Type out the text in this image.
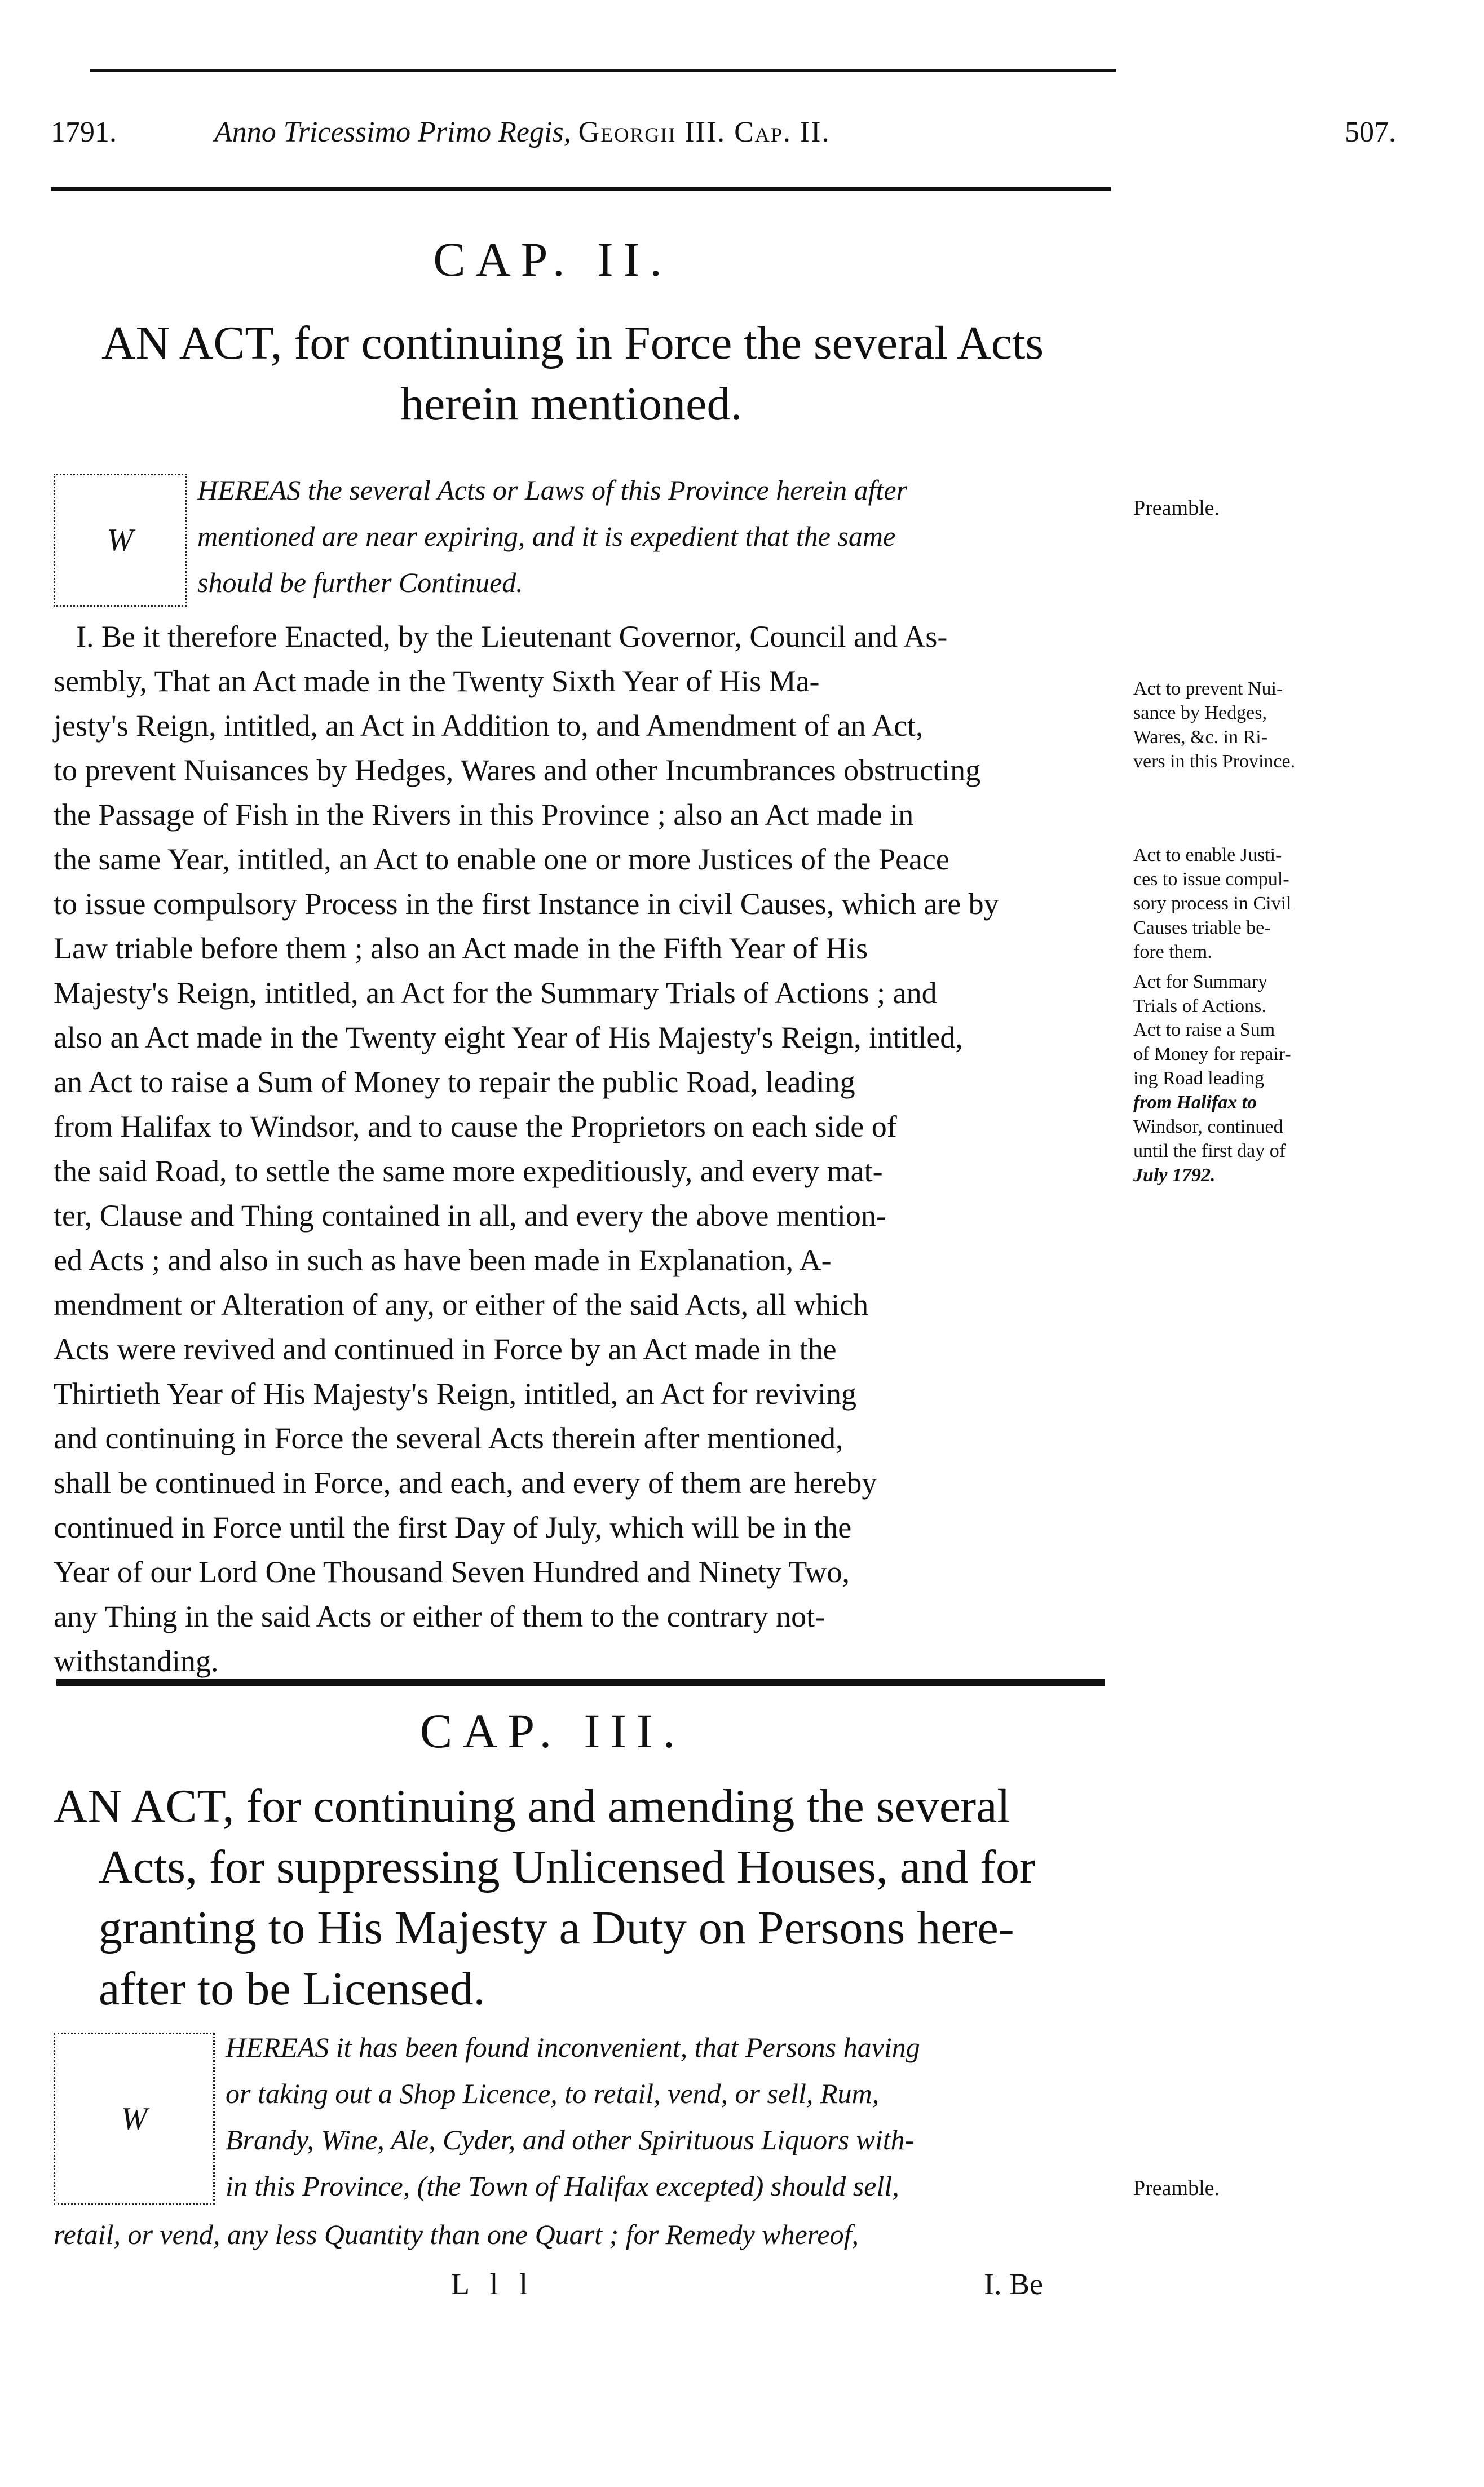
1791.	Anno Tricessimo Primo Regis, Georgii III. Cap. II.	507.
CAP. II.
AN ACT, for continuing in Force the several Acts
herein mentioned.
W
HEREAS the several Acts or Laws of this Province herein after
mentioned are near expiring, and it is expedient that the same
should be further Continued.
I. Be it therefore Enacted, by the Lieutenant Governor, Council and As-
sembly, That an Act made in the Twenty Sixth Year of His Ma-
jesty's Reign, intitled, an Act in Addition to, and Amendment of an Act,
to prevent Nuisances by Hedges, Wares and other Incumbrances obstructing
the Passage of Fish in the Rivers in this Province ; also an Act made in
the same Year, intitled, an Act to enable one or more Justices of the Peace
to issue compulsory Process in the first Instance in civil Causes, which are by
Law triable before them ; also an Act made in the Fifth Year of His
Majesty's Reign, intitled, an Act for the Summary Trials of Actions ; and
also an Act made in the Twenty eight Year of His Majesty's Reign, intitled,
an Act to raise a Sum of Money to repair the public Road, leading
from Halifax to Windsor, and to cause the Proprietors on each side of
the said Road, to settle the same more expeditiously, and every mat-
ter, Clause and Thing contained in all, and every the above mention-
ed Acts ; and also in such as have been made in Explanation, A-
mendment or Alteration of any, or either of the said Acts, all which
Acts were revived and continued in Force by an Act made in the
Thirtieth Year of His Majesty's Reign, intitled, an Act for reviving
and continuing in Force the several Acts therein after mentioned,
shall be continued in Force, and each, and every of them are hereby
continued in Force until the first Day of July, which will be in the
Year of our Lord One Thousand Seven Hundred and Ninety Two,
any Thing in the said Acts or either of them to the contrary not-
withstanding.
CAP. III.
AN ACT, for continuing and amending the several
Acts, for suppressing Unlicensed Houses, and for
granting to His Majesty a Duty on Persons here-
after to be Licensed.
W
HEREAS it has been found inconvenient, that Persons having
or taking out a Shop Licence, to retail, vend, or sell, Rum,
Brandy, Wine, Ale, Cyder, and other Spirituous Liquors with-
in this Province, (the Town of Halifax excepted) should sell,
retail, or vend, any less Quantity than one Quart ; for Remedy whereof,
L l l	I. Be
Preamble.
Act to prevent Nui-
sance by Hedges,
Wares, &c. in Ri-
vers in this Province.
Act to enable Justi-
ces to issue compul-
sory process in Civil
Causes triable be-
fore them.
Act for Summary
Trials of Actions.
Act to raise a Sum
of Money for repair-
ing Road leading
from Halifax to
Windsor, continued
until the first day of
July 1792.
Preamble.
